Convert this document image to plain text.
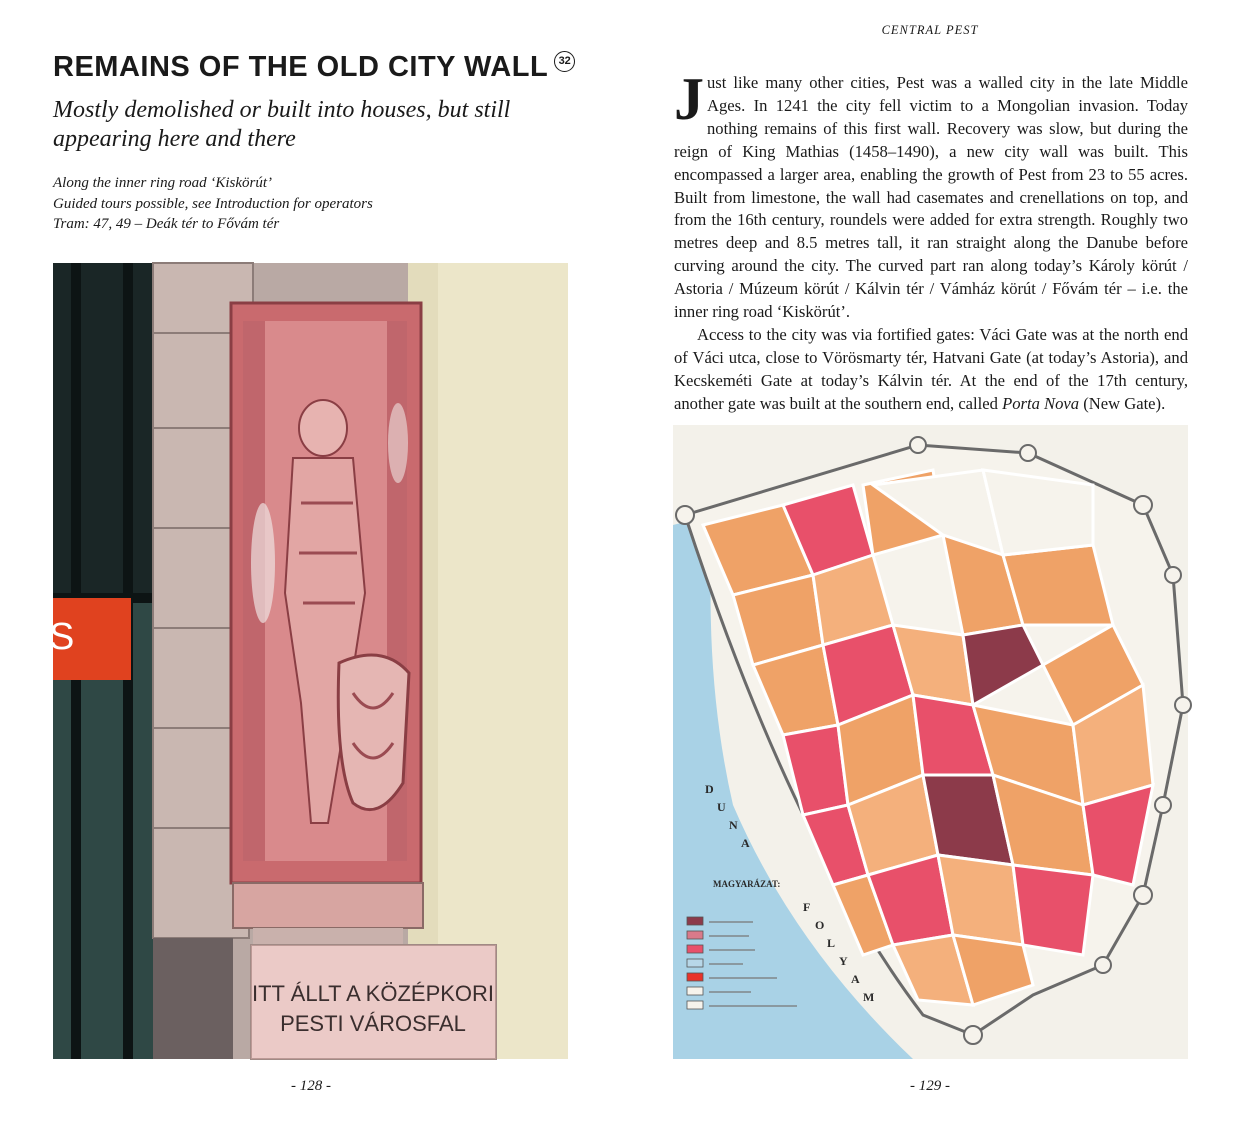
REMAINS OF THE OLD CITY WALL 32

Mostly demolished or built into houses, but still appearing here and there

Along the inner ring road ‘Kiskörút’
Guided tours possible, see Introduction for operators
Tram: 47, 49 – Deák tér to Fővám tér
S
ITT ÁLLT A KÖZÉPKORI
PESTI VÁROSFAL
- 128 -
CENTRAL PEST

Just like many other cities, Pest was a walled city in the late Middle Ages. In 1241 the city fell victim to a Mongolian invasion. Today nothing remains of this first wall. Recovery was slow, but during the reign of King Mathias (1458–1490), a new city wall was built. This encompassed a larger area, enabling the growth of Pest from 23 to 55 acres. Built from limestone, the wall had casemates and crenellations on top, and from the 16th century, roundels were added for extra strength. Roughly two metres deep and 8.5 metres tall, it ran straight along the Danube before curving around the city. The curved part ran along today’s Károly körút / Astoria / Múzeum körút / Kálvin tér / Vámház körút / Fővám tér – i.e. the inner ring road ‘Kiskörút’.

Access to the city was via fortified gates: Váci Gate was at the north end of Váci utca, close to Vörösmarty tér, Hatvani Gate (at today’s Astoria), and Kecskeméti Gate at today’s Kálvin tér. At the end of the 17th century, another gate was built at the southern end, called Porta Nova (New Gate).

D
U
N
A
F
O
L
Y
A
M
MAGYARÁZAT:
- 129 -
